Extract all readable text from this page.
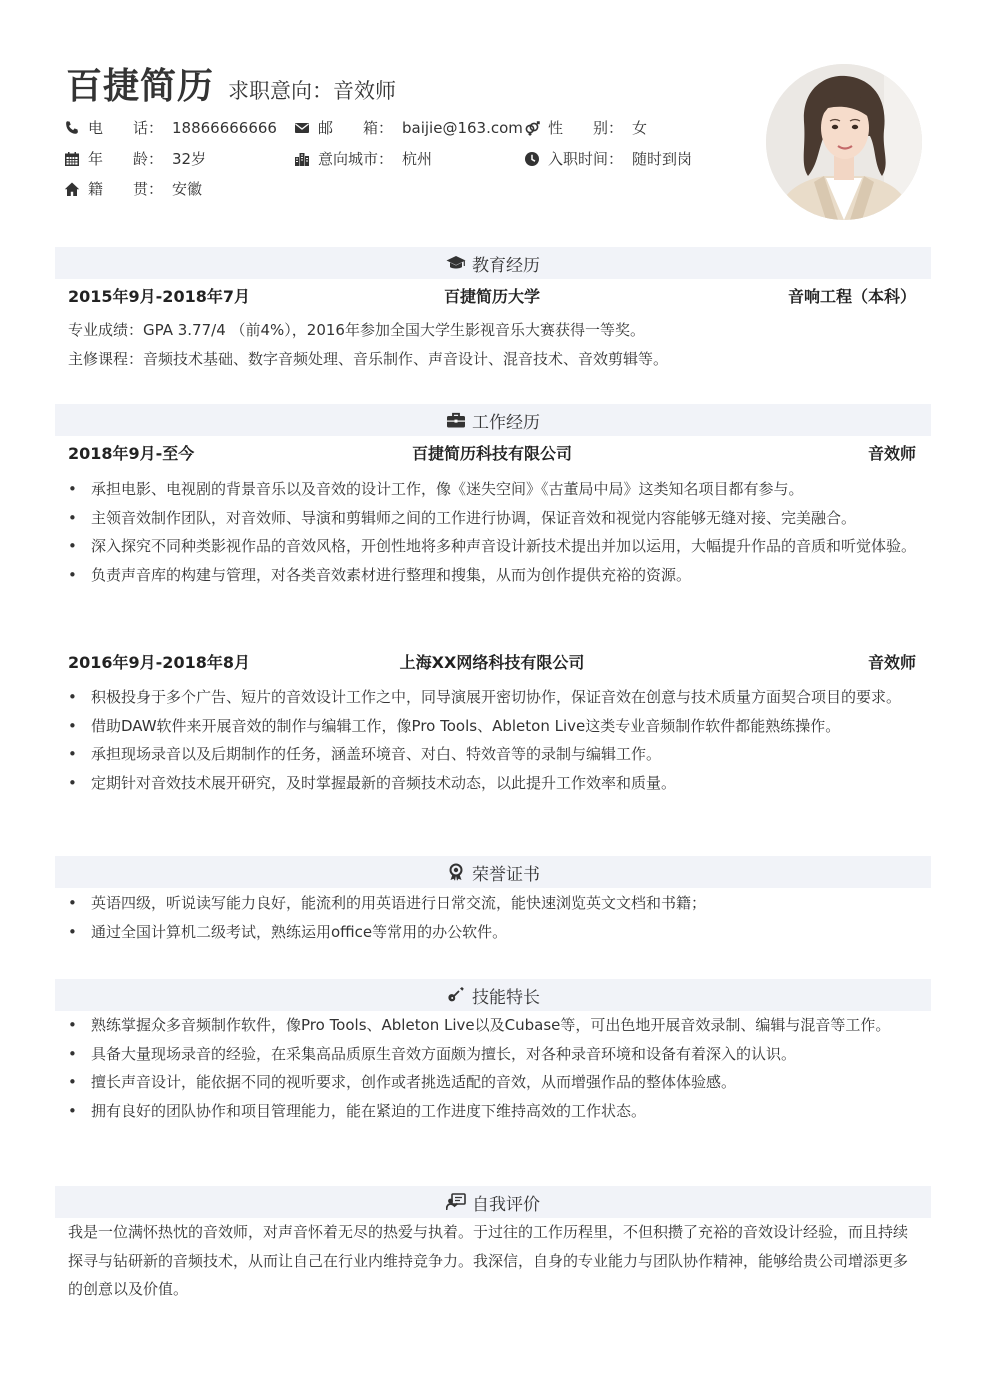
百捷简历 求职意向：音效师
电　　话： 18866666666	邮　　箱： baijie@163.com 性　　别： 女
年　　龄： 32岁	意向城市： 杭州	入职时间： 随时到岗
籍　　贯： 安徽
教育经历
2015年9月-2018年7月	百捷简历大学	音响工程（本科）
专业成绩：GPA 3.77/4 （前4%），2016年参加全国大学生影视音乐大赛获得一等奖。
主修课程：音频技术基础、数字音频处理、音乐制作、声音设计、混音技术、音效剪辑等。
工作经历
2018年9月-至今	百捷简历科技有限公司	音效师
• 承担电影、电视剧的背景音乐以及音效的设计工作，像《迷失空间》《古董局中局》这类知名项目都有参与。
• 主领音效制作团队，对音效师、导演和剪辑师之间的工作进行协调，保证音效和视觉内容能够无缝对接、完美融合。
• 深入探究不同种类影视作品的音效风格，开创性地将多种声音设计新技术提出并加以运用，大幅提升作品的音质和听觉体验。
• 负责声音库的构建与管理，对各类音效素材进行整理和搜集，从而为创作提供充裕的资源。
2016年9月-2018年8月	上海XX网络科技有限公司	音效师
• 积极投身于多个广告、短片的音效设计工作之中，同导演展开密切协作，保证音效在创意与技术质量方面契合项目的要求。
• 借助DAW软件来开展音效的制作与编辑工作，像Pro Tools、Ableton Live这类专业音频制作软件都能熟练操作。
• 承担现场录音以及后期制作的任务，涵盖环境音、对白、特效音等的录制与编辑工作。
• 定期针对音效技术展开研究，及时掌握最新的音频技术动态，以此提升工作效率和质量。
荣誉证书
• 英语四级，听说读写能力良好，能流利的用英语进行日常交流，能快速浏览英文文档和书籍；
• 通过全国计算机二级考试，熟练运用office等常用的办公软件。
技能特长
• 熟练掌握众多音频制作软件，像Pro Tools、Ableton Live以及Cubase等，可出色地开展音效录制、编辑与混音等工作。
• 具备大量现场录音的经验，在采集高品质原生音效方面颇为擅长，对各种录音环境和设备有着深入的认识。
• 擅长声音设计，能依据不同的视听要求，创作或者挑选适配的音效，从而增强作品的整体体验感。
• 拥有良好的团队协作和项目管理能力，能在紧迫的工作进度下维持高效的工作状态。
自我评价
我是一位满怀热忱的音效师，对声音怀着无尽的热爱与执着。于过往的工作历程里，不但积攒了充裕的音效设计经验，而且持续探寻与钻研新的音频技术，从而让自己在行业内维持竞争力。我深信，自身的专业能力与团队协作精神，能够给贵公司增添更多的创意以及价值。
